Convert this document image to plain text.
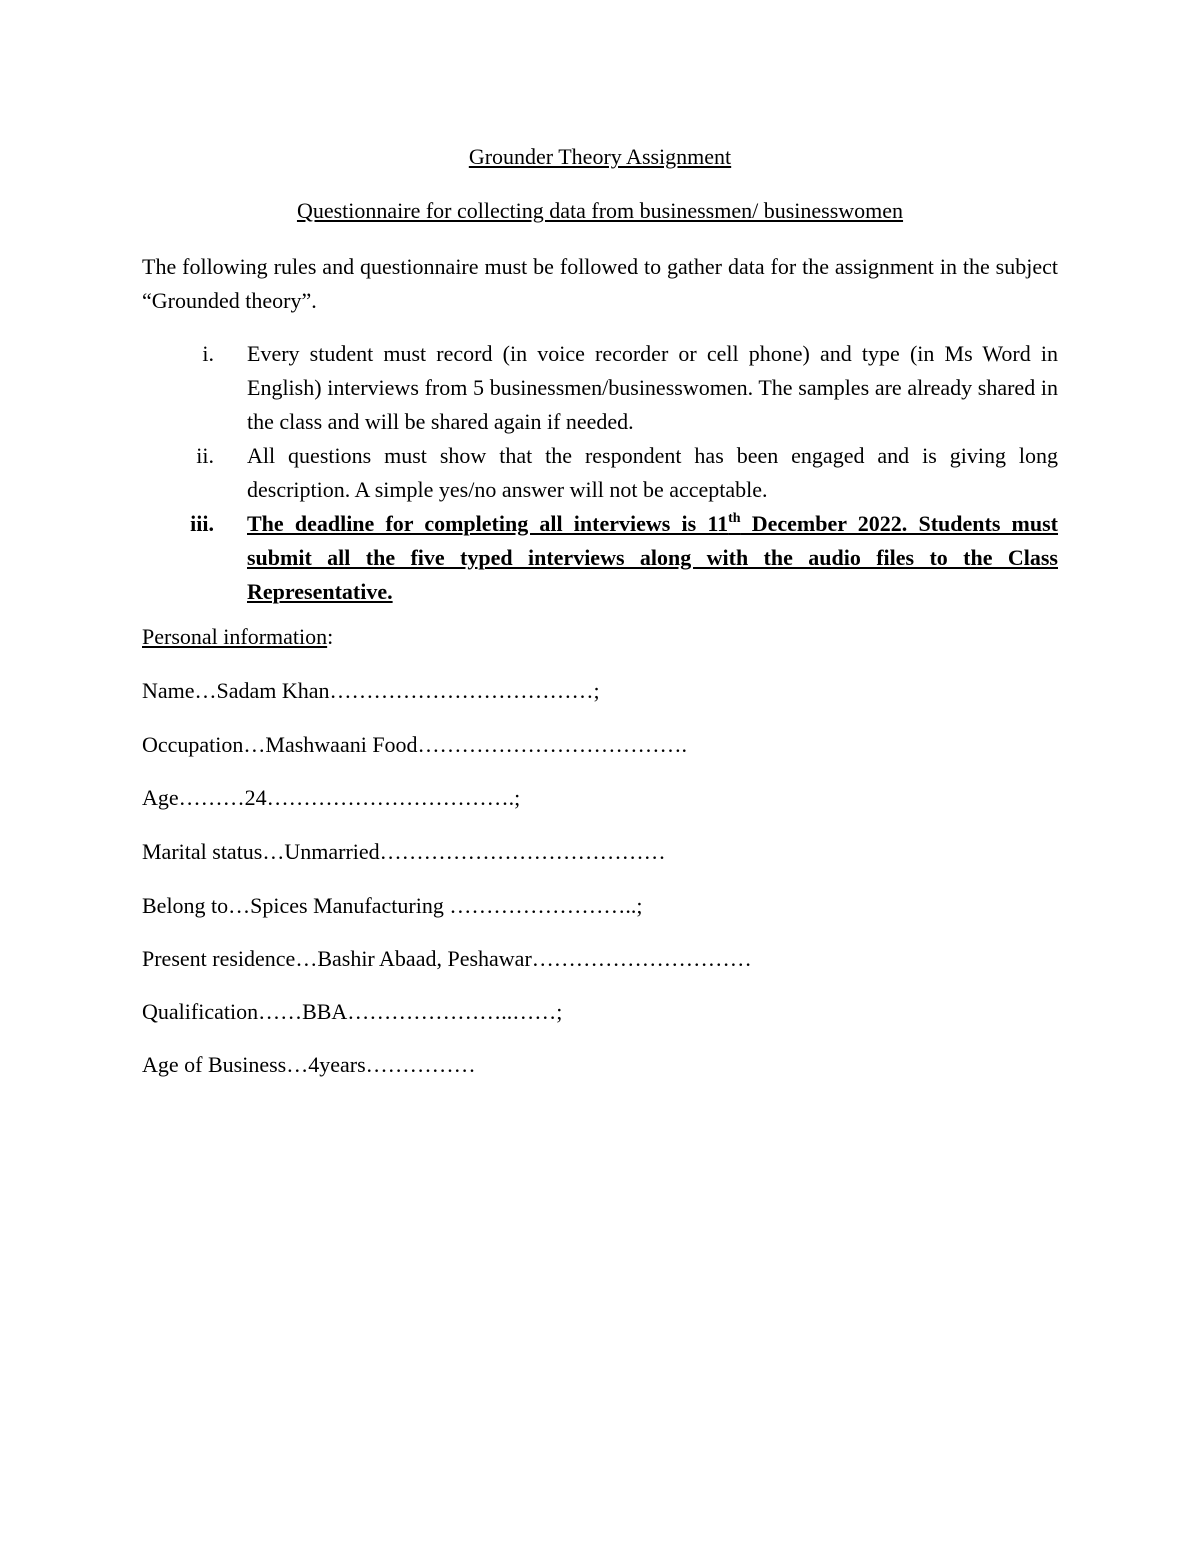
Grounder Theory Assignment
Questionnaire for collecting data from businessmen/ businesswomen
The following rules and questionnaire must be followed to gather data for the assignment in the subject “Grounded theory”.
i.	Every student must record (in voice recorder or cell phone) and type (in Ms Word in English) interviews from 5 businessmen/businesswomen. The samples are already shared in the class and will be shared again if needed.
ii.	All questions must show that the respondent has been engaged and is giving long description. A simple yes/no answer will not be acceptable.
iii.	The deadline for completing all interviews is 11th December 2022. Students must submit all the five typed interviews along with the audio files to the Class Representative.
Personal information:
Name…Sadam Khan………………………………;
Occupation…Mashwaani Food……………………………….
Age………24…………………………….;
Marital status…Unmarried…………………………………
Belong to…Spices Manufacturing ……………………..;
Present residence…Bashir Abaad, Peshawar…………………………
Qualification……BBA…………………..……;
Age of Business…4years……………
